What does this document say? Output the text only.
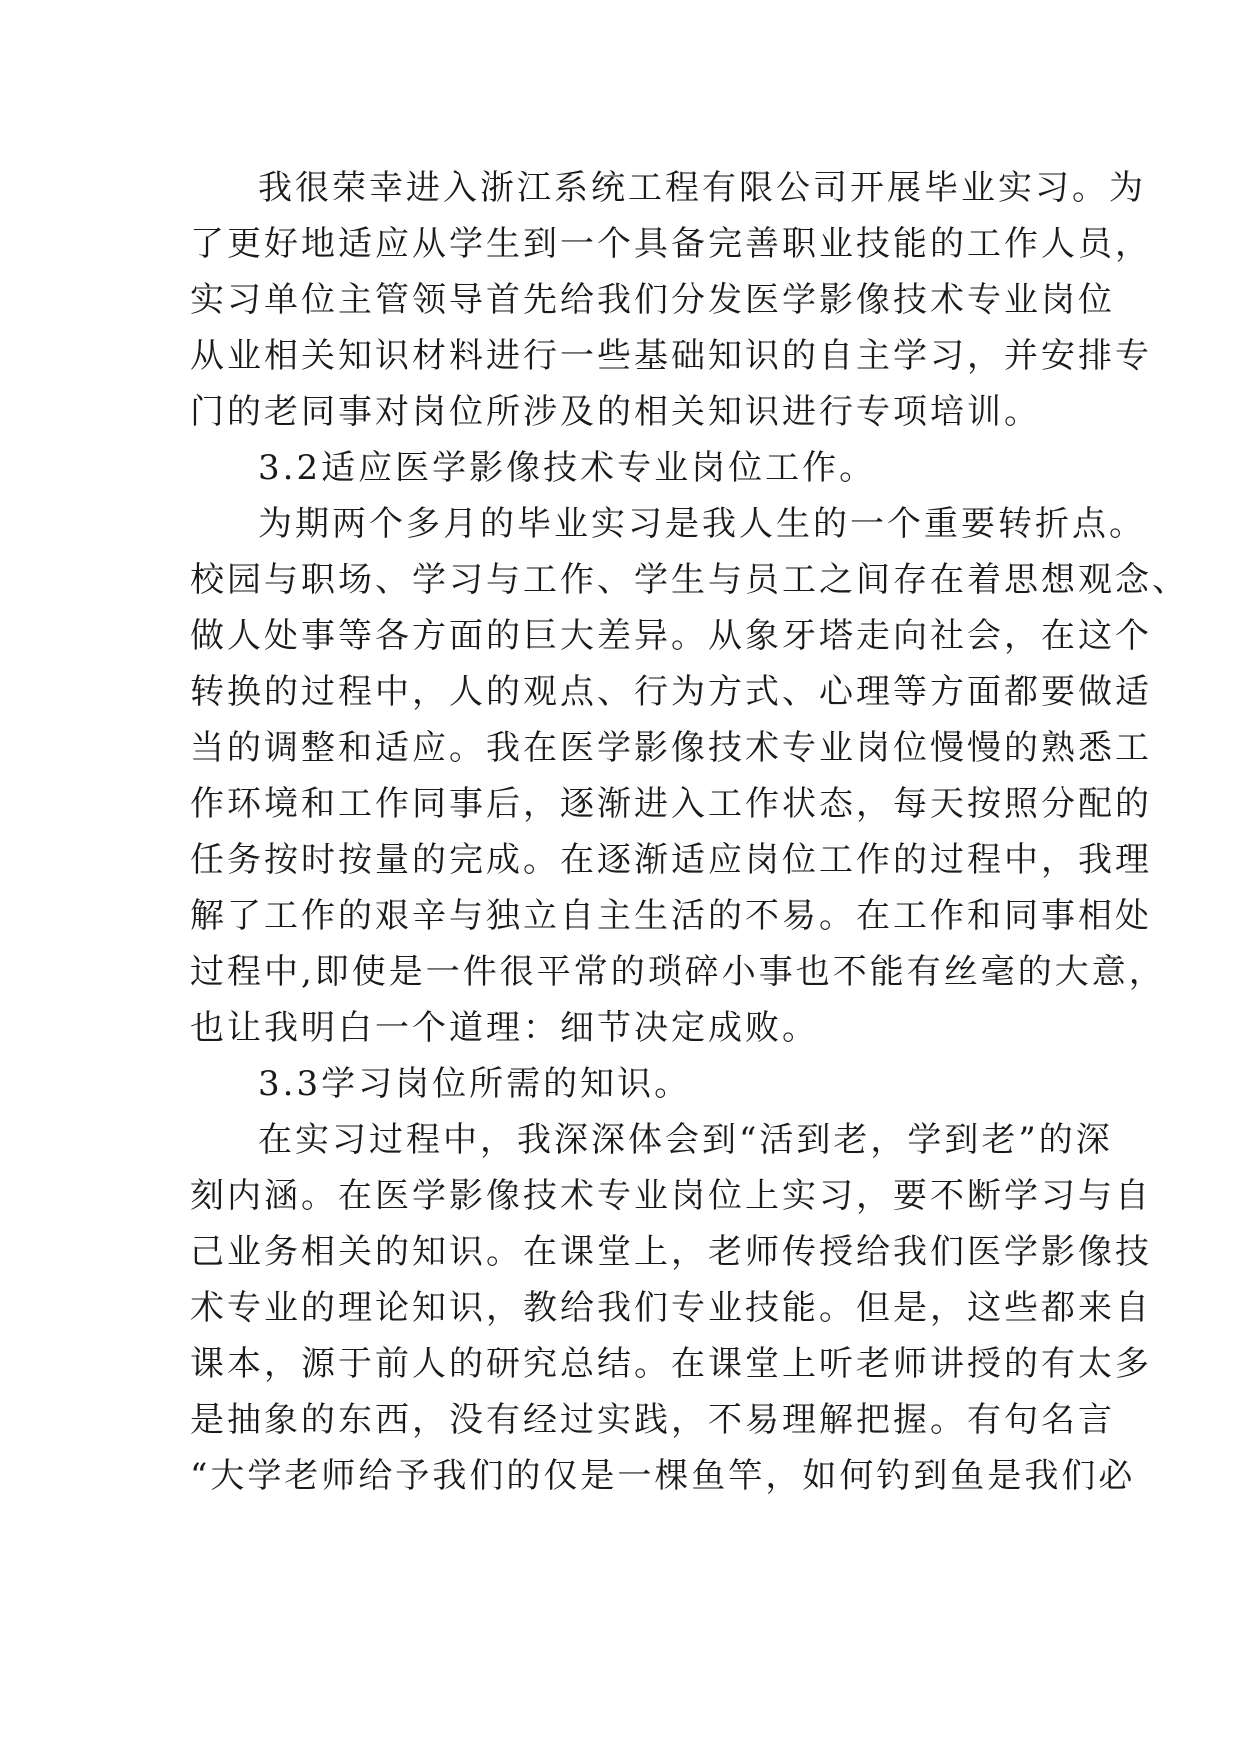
我很荣幸进入浙江系统工程有限公司开展毕业实习。为
了更好地适应从学生到一个具备完善职业技能的工作人员，
实习单位主管领导首先给我们分发医学影像技术专业岗位
从业相关知识材料进行一些基础知识的自主学习，并安排专
门的老同事对岗位所涉及的相关知识进行专项培训。
3.2适应医学影像技术专业岗位工作。
为期两个多月的毕业实习是我人生的一个重要转折点。
校园与职场、学习与工作、学生与员工之间存在着思想观念、
做人处事等各方面的巨大差异。从象牙塔走向社会，在这个
转换的过程中，人的观点、行为方式、心理等方面都要做适
当的调整和适应。我在医学影像技术专业岗位慢慢的熟悉工
作环境和工作同事后，逐渐进入工作状态，每天按照分配的
任务按时按量的完成。在逐渐适应岗位工作的过程中，我理
解了工作的艰辛与独立自主生活的不易。在工作和同事相处
过程中,即使是一件很平常的琐碎小事也不能有丝毫的大意，
也让我明白一个道理：细节决定成败。
3.3学习岗位所需的知识。
在实习过程中，我深深体会到“活到老，学到老”的深
刻内涵。在医学影像技术专业岗位上实习，要不断学习与自
己业务相关的知识。在课堂上，老师传授给我们医学影像技
术专业的理论知识，教给我们专业技能。但是，这些都来自
课本，源于前人的研究总结。在课堂上听老师讲授的有太多
是抽象的东西，没有经过实践，不易理解把握。有句名言
“大学老师给予我们的仅是一棵鱼竿，如何钓到鱼是我们必
